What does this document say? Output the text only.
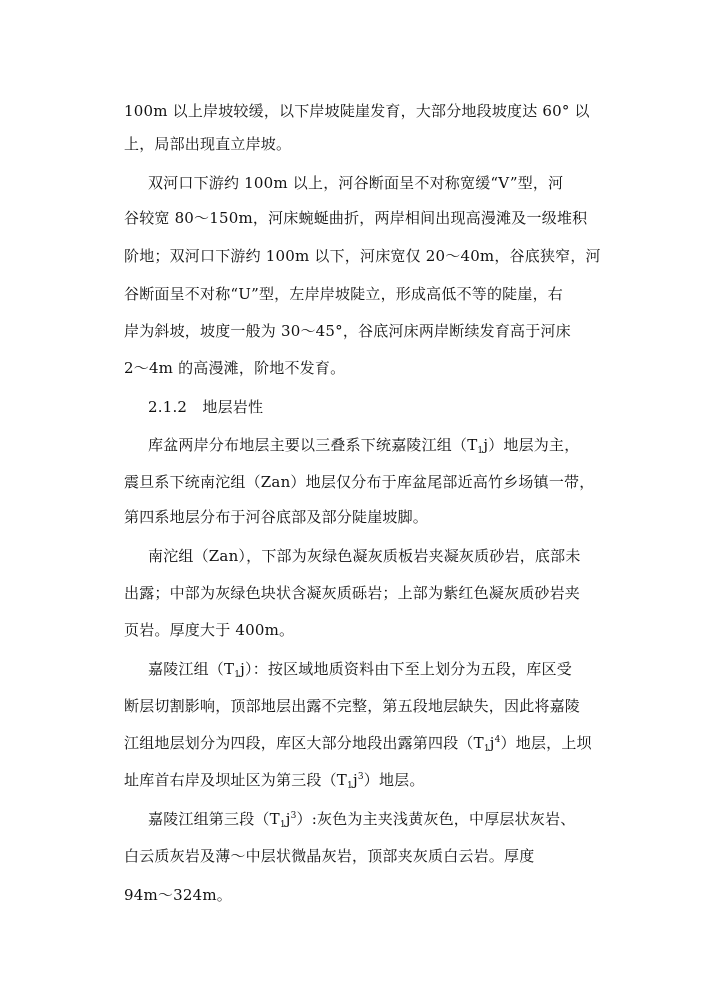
100m 以上岸坡较缓，以下岸坡陡崖发育，大部分地段坡度达 60° 以
上，局部出现直立岸坡。
双河口下游约 100m 以上，河谷断面呈不对称宽缓“V”型，河
谷较宽 80～150m，河床蜿蜒曲折，两岸相间出现高漫滩及一级堆积
阶地；双河口下游约 100m 以下，河床宽仅 20～40m，谷底狭窄，河
谷断面呈不对称“U”型，左岸岸坡陡立，形成高低不等的陡崖，右
岸为斜坡，坡度一般为 30～45°，谷底河床两岸断续发育高于河床
2～4m 的高漫滩，阶地不发育。
2.1.2　地层岩性
库盆两岸分布地层主要以三叠系下统嘉陵江组$(T_1j)$地层为主，
震旦系下统南沱组（Zan）地层仅分布于库盆尾部近高竹乡场镇一带，
第四系地层分布于河谷底部及部分陡崖坡脚。
南沱组（Zan），下部为灰绿色凝灰质板岩夹凝灰质砂岩，底部未
出露；中部为灰绿色块状含凝灰质砾岩；上部为紫红色凝灰质砂岩夹
页岩。厚度大于 400m。
嘉陵江组$(T_1j)$：按区域地质资料由下至上划分为五段，库区受
断层切割影响，顶部地层出露不完整，第五段地层缺失，因此将嘉陵
江组地层划分为四段，库区大部分地段出露第四段$(T_1j^4)$地层，上坝
址库首右岸及坝址区为第三段$(T_1j^3)$地层。
嘉陵江组第三段$(T_1j^3)$:灰色为主夹浅黄灰色，中厚层状灰岩、
白云质灰岩及薄～中层状微晶灰岩，顶部夹灰质白云岩。厚度
94m～324m。
